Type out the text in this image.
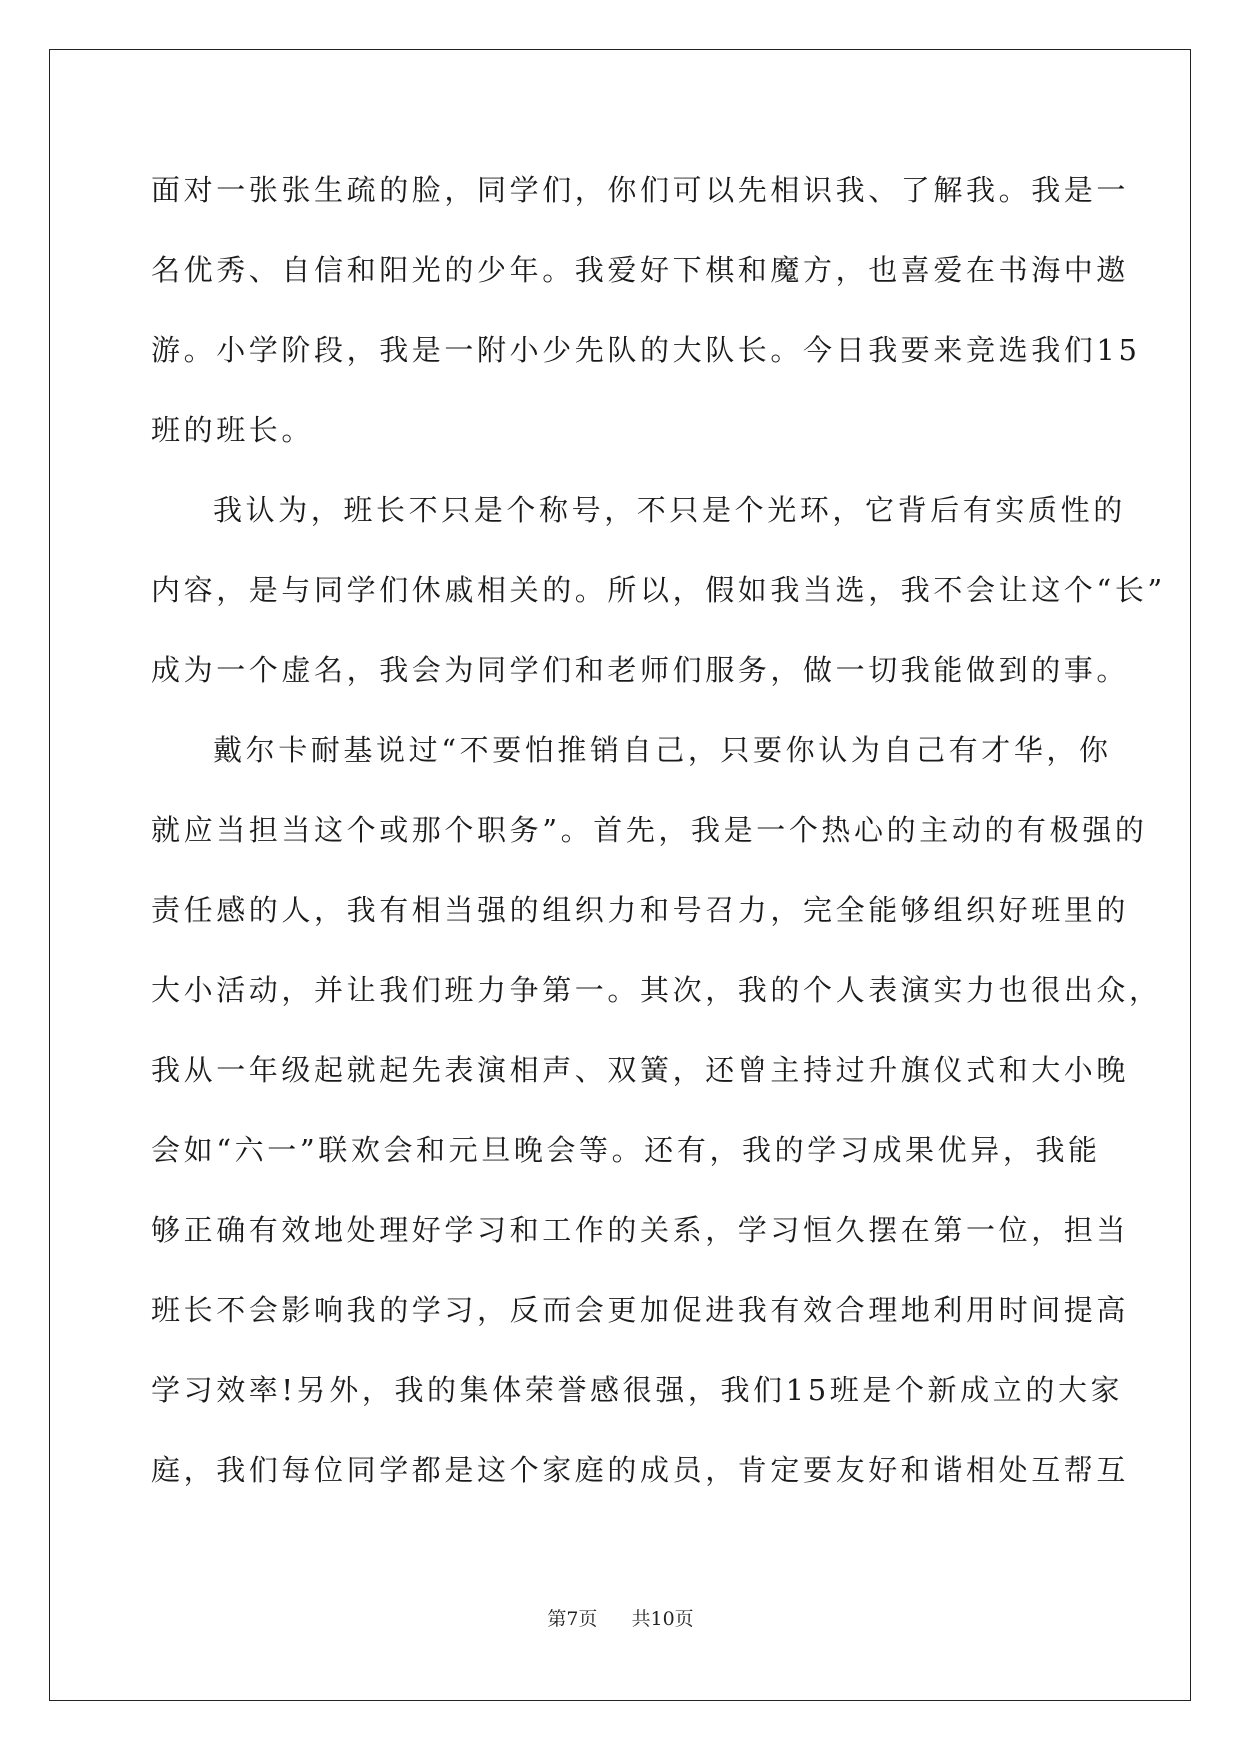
面对一张张生疏的脸，同学们，你们可以先相识我、了解我。我是一
名优秀、自信和阳光的少年。我爱好下棋和魔方，也喜爱在书海中遨
游。小学阶段，我是一附小少先队的大队长。今日我要来竞选我们15
班的班长。
我认为，班长不只是个称号，不只是个光环，它背后有实质性的
内容，是与同学们休戚相关的。所以，假如我当选，我不会让这个“长”
成为一个虚名，我会为同学们和老师们服务，做一切我能做到的事。
戴尔卡耐基说过“不要怕推销自己，只要你认为自己有才华，你
就应当担当这个或那个职务”。首先，我是一个热心的主动的有极强的
责任感的人，我有相当强的组织力和号召力，完全能够组织好班里的
大小活动，并让我们班力争第一。其次，我的个人表演实力也很出众，
我从一年级起就起先表演相声、双簧，还曾主持过升旗仪式和大小晚
会如“六一”联欢会和元旦晚会等。还有，我的学习成果优异，我能
够正确有效地处理好学习和工作的关系，学习恒久摆在第一位，担当
班长不会影响我的学习，反而会更加促进我有效合理地利用时间提高
学习效率!另外，我的集体荣誉感很强，我们15班是个新成立的大家
庭，我们每位同学都是这个家庭的成员，肯定要友好和谐相处互帮互
第7页 共10页
